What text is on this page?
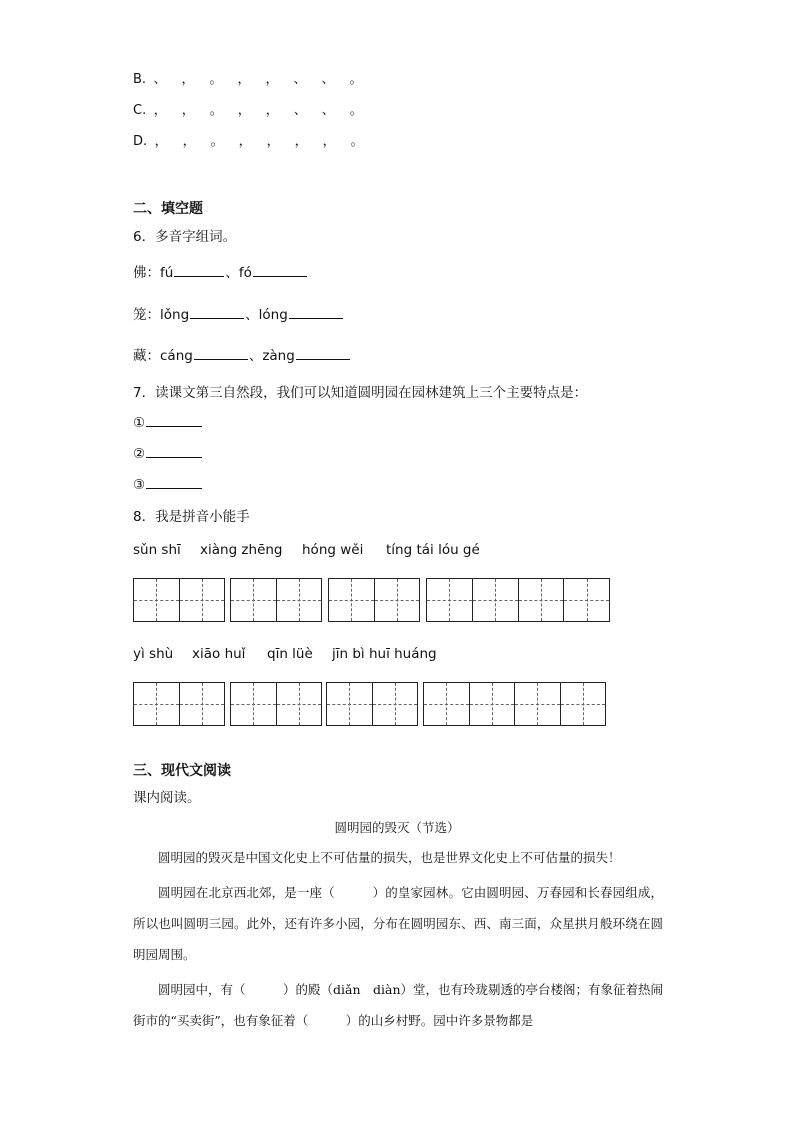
B. 、 ， 。 ， ， 、 、 。
C. ， ， 。 ， ， 、 、 。
D. ， ， 。 ， ， ， ， 。
二、填空题
6．多音字组词。
佛：fú	、fó
笼：lǒng	、lóng
藏：cáng	、zàng
7．读课文第三自然段，我们可以知道圆明园在园林建筑上三个主要特点是：
①
②
③
8．我是拼音小能手
sǔn shī xiàng zhēng hóng wěi tíng tái lóu gé
yì shù xiāo huǐ qīn lüè jīn bì huī huáng
三、现代文阅读
课内阅读。
圆明园的毁灭（节选）

圆明园的毁灭是中国文化史上不可估量的损失，也是世界文化史上不可估量的损失！

圆明园在北京西北郊，是一座（　　　）的皇家园林。它由圆明园、万春园和长春园组成，所以也叫圆明三园。此外，还有许多小园，分布在圆明园东、西、南三面，众星拱月般环绕在圆明园周围。

圆明园中，有（　　　）的殿（diǎn　diàn）堂，也有玲珑剔透的亭台楼阁；有象征着热闹街市的“买卖街”，也有象征着（　　　）的山乡村野。园中许多景物都是
